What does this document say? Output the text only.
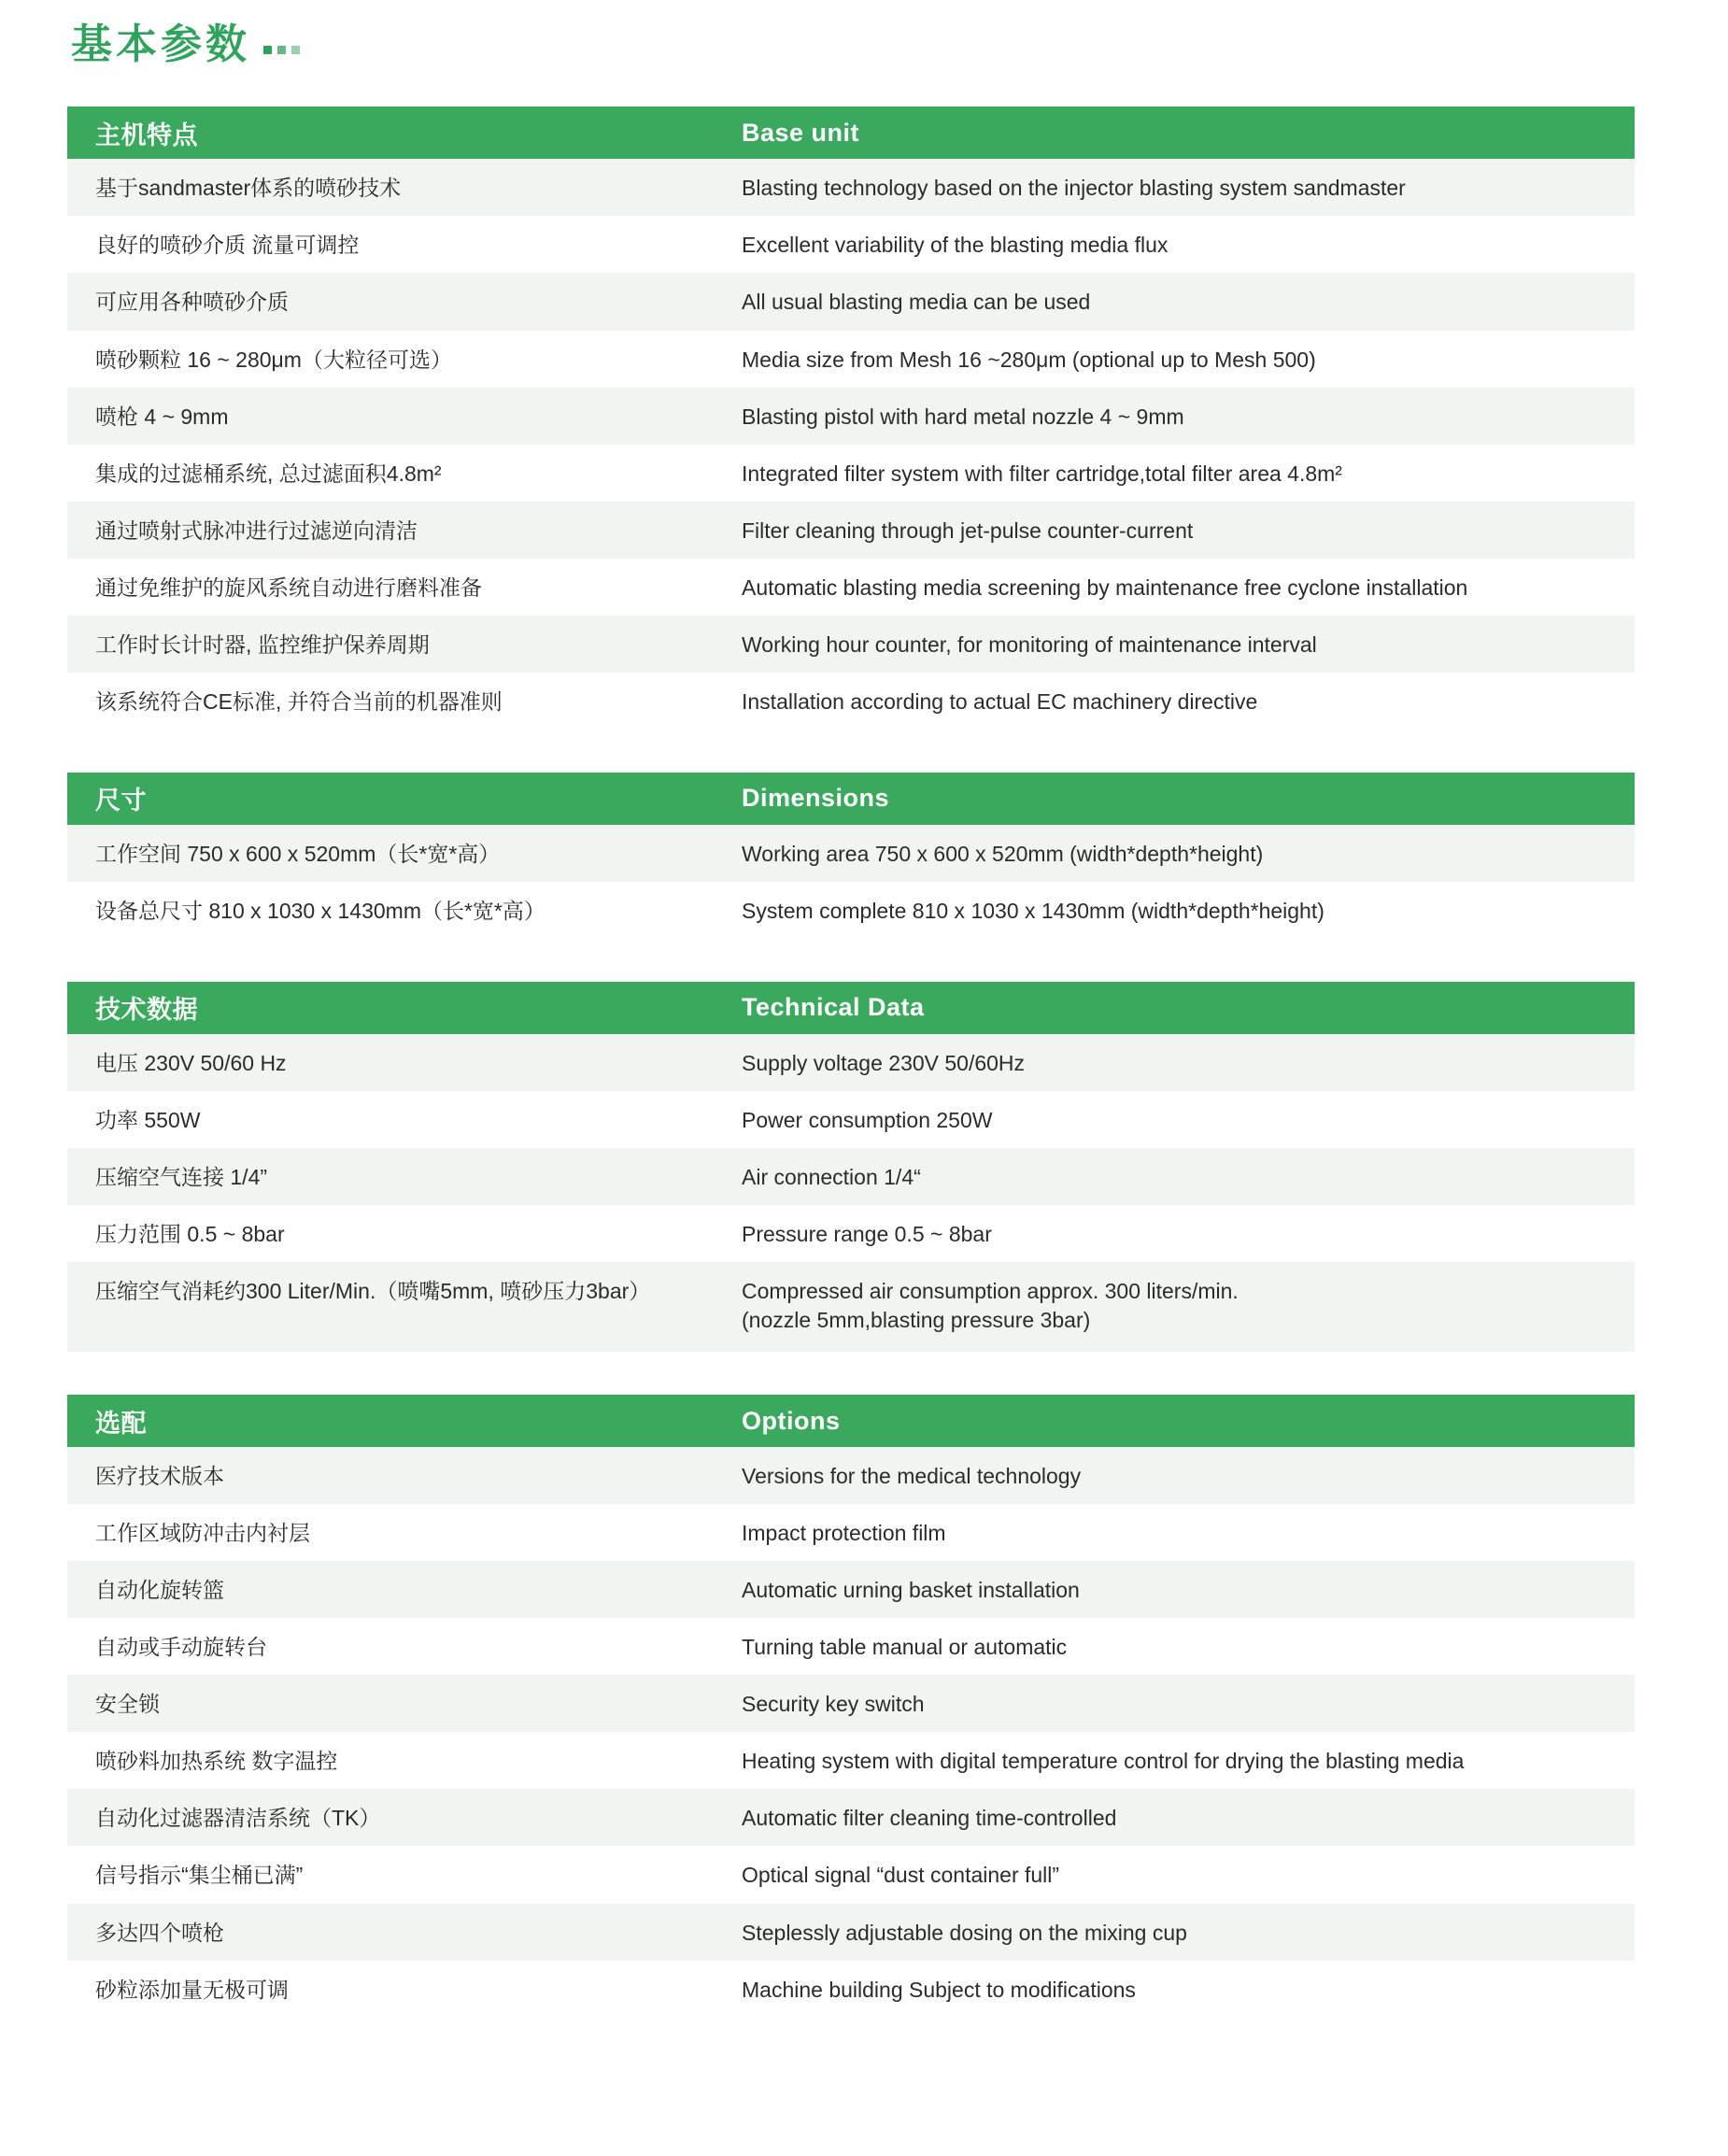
基本参数
主机特点	Base unit
基于sandmaster体系的喷砂技术	Blasting technology based on the injector blasting system sandmaster
良好的喷砂介质 流量可调控	Excellent variability of the blasting media flux
可应用各种喷砂介质	All usual blasting media can be used
喷砂颗粒 16 ~ 280μm（大粒径可选）	Media size from Mesh 16 ~280μm (optional up to Mesh 500)
喷枪 4 ~ 9mm	Blasting pistol with hard metal nozzle 4 ~ 9mm
集成的过滤桶系统, 总过滤面积4.8m²	Integrated filter system with filter cartridge,total filter area 4.8m²
通过喷射式脉冲进行过滤逆向清洁	Filter cleaning through jet-pulse counter-current
通过免维护的旋风系统自动进行磨料准备	Automatic blasting media screening by maintenance free cyclone installation
工作时长计时器, 监控维护保养周期	Working hour counter, for monitoring of maintenance interval
该系统符合CE标准, 并符合当前的机器准则	Installation according to actual EC machinery directive
尺寸	Dimensions
工作空间 750 x 600 x 520mm（长*宽*高）	Working area 750 x 600 x 520mm (width*depth*height)
设备总尺寸 810 x 1030 x 1430mm（长*宽*高）	System complete 810 x 1030 x 1430mm (width*depth*height)
技术数据	Technical Data
电压 230V 50/60 Hz	Supply voltage 230V 50/60Hz
功率 550W	Power consumption 250W
压缩空气连接 1/4”	Air connection 1/4“
压力范围 0.5 ~ 8bar	Pressure range 0.5 ~ 8bar
压缩空气消耗约300 Liter/Min.（喷嘴5mm, 喷砂压力3bar）	Compressed air consumption approx. 300 liters/min.
(nozzle 5mm,blasting pressure 3bar)
选配	Options
医疗技术版本	Versions for the medical technology
工作区域防冲击内衬层	Impact protection film
自动化旋转篮	Automatic urning basket installation
自动或手动旋转台	Turning table manual or automatic
安全锁	Security key switch
喷砂料加热系统 数字温控	Heating system with digital temperature control for drying the blasting media
自动化过滤器清洁系统（TK）	Automatic filter cleaning time-controlled
信号指示“集尘桶已满”	Optical signal “dust container full”
多达四个喷枪	Steplessly adjustable dosing on the mixing cup
砂粒添加量无极可调	Machine building Subject to modifications
